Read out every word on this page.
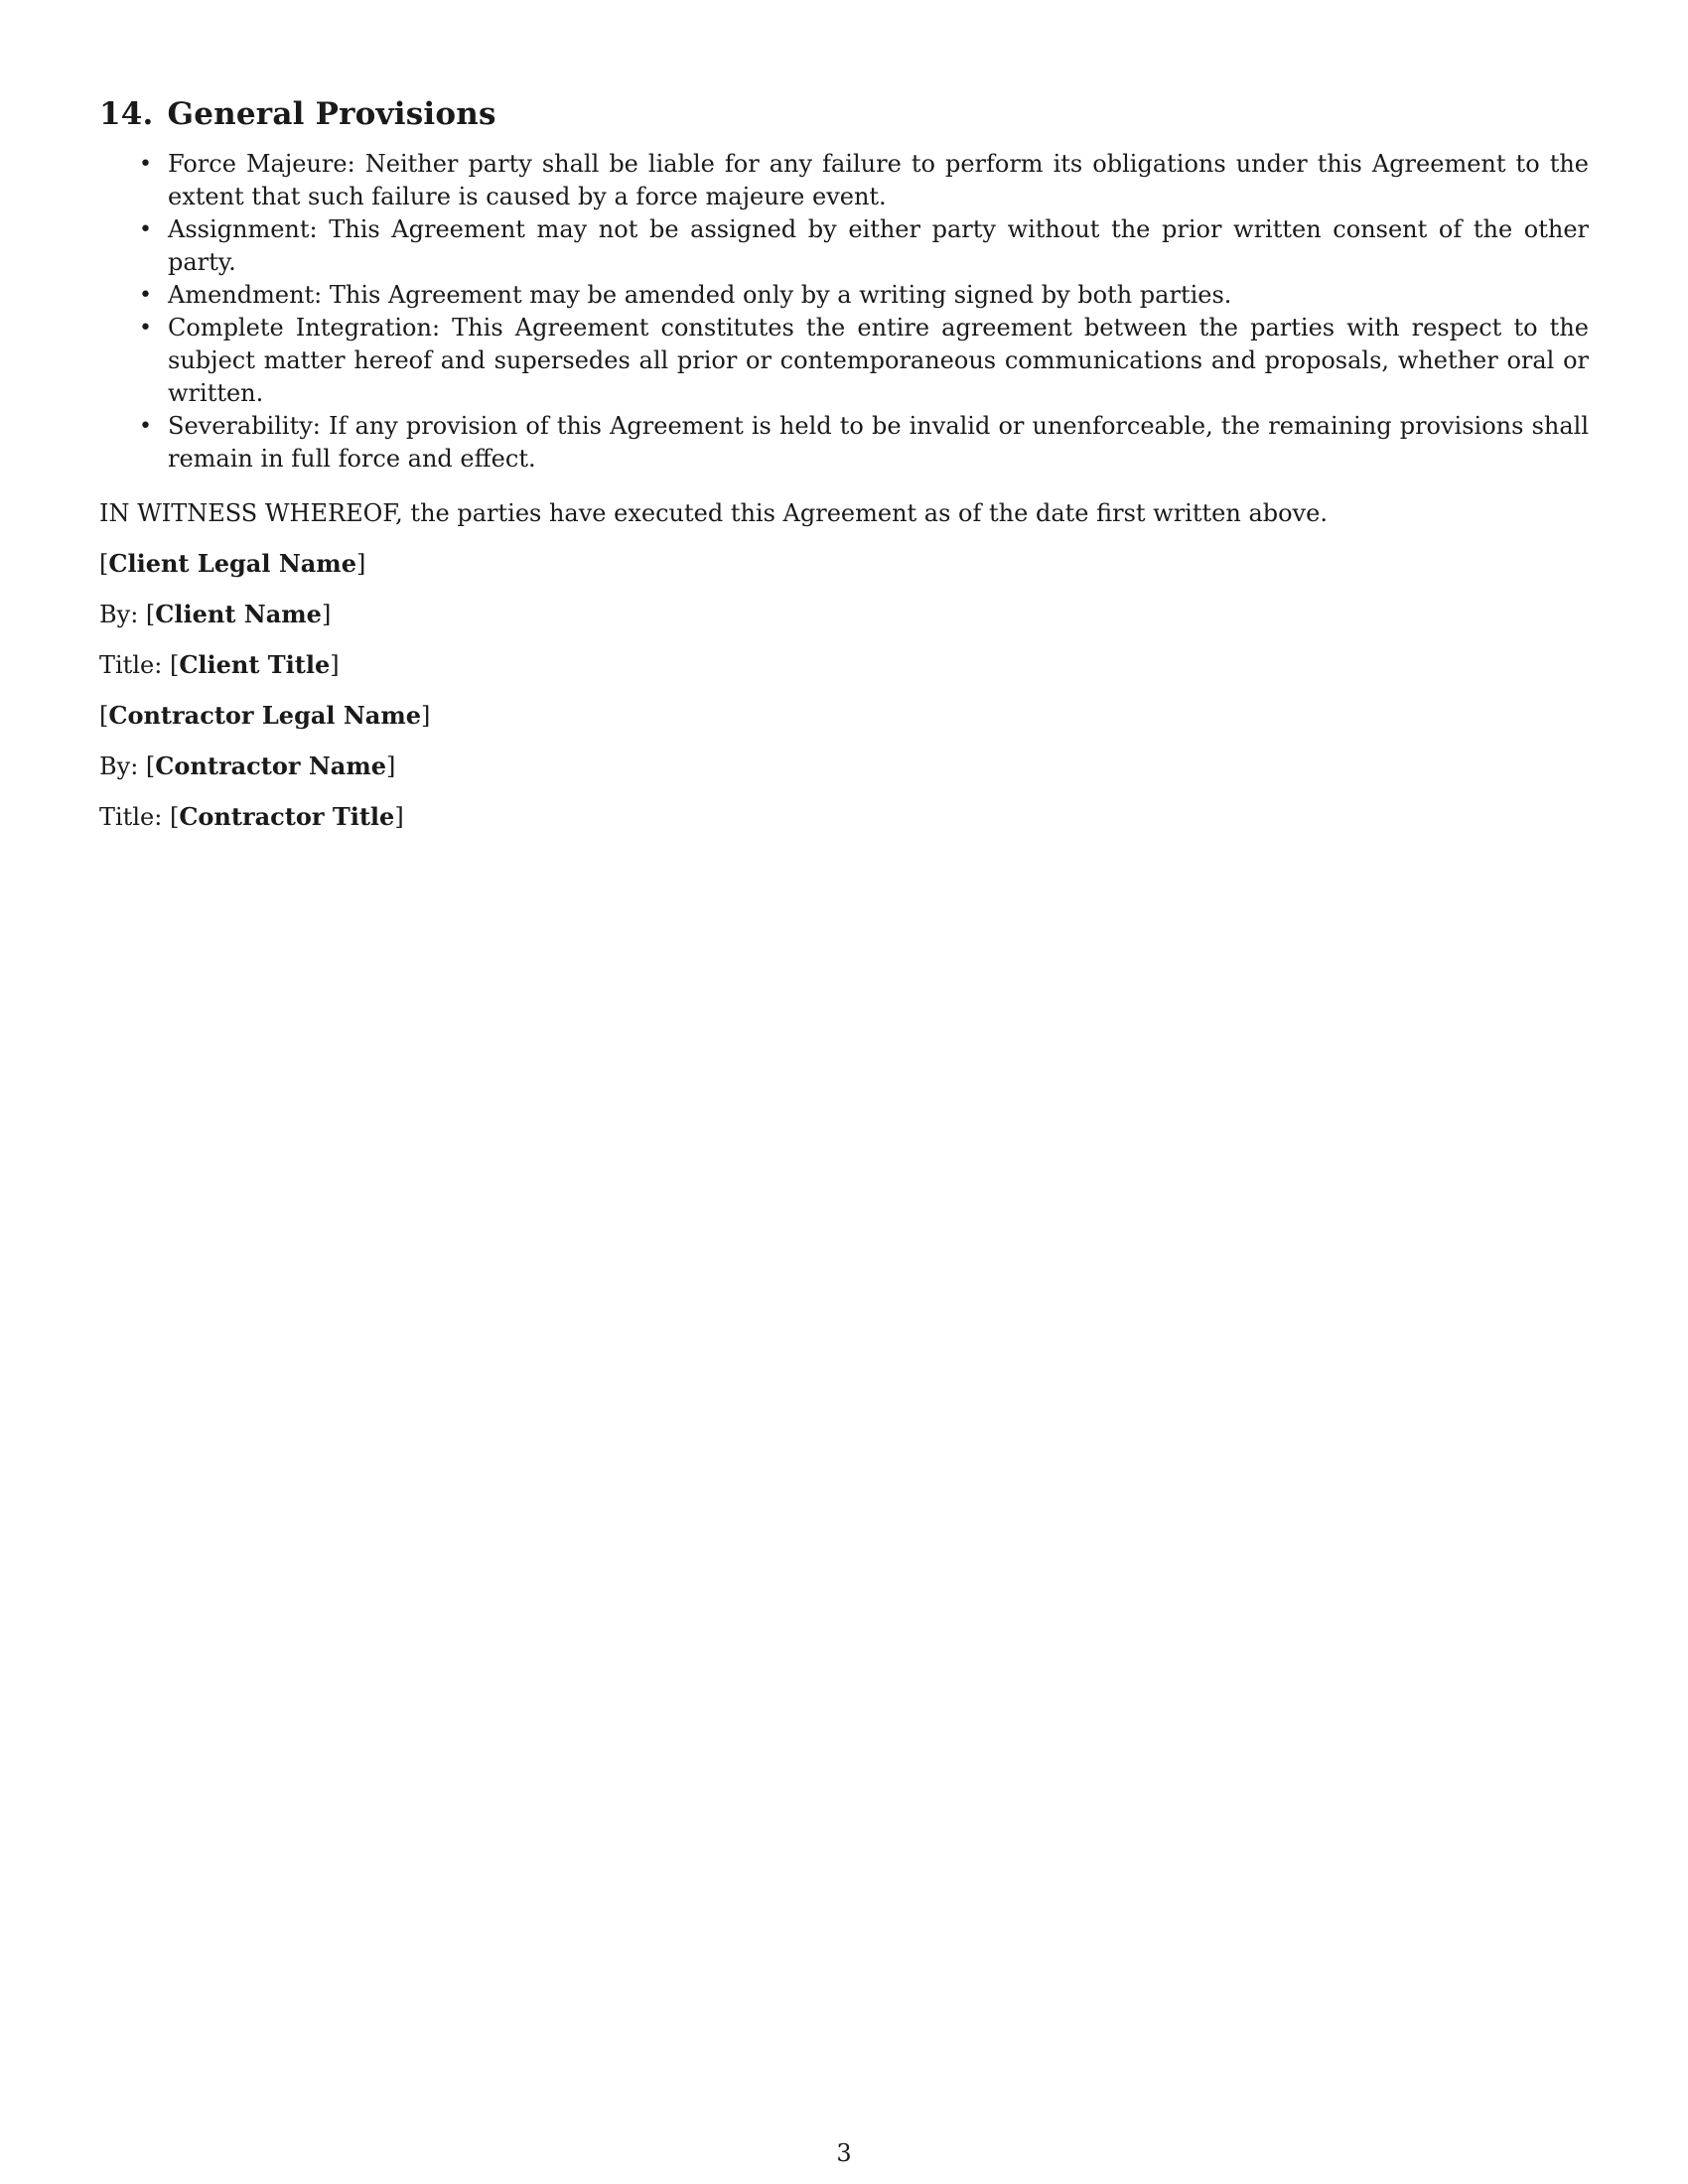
14. General Provisions
• Force Majeure: Neither party shall be liable for any failure to perform its obligations under this Agreement to the extent that such failure is caused by a force majeure event.
• Assignment: This Agreement may not be assigned by either party without the prior written consent of the other party.
• Amendment: This Agreement may be amended only by a writing signed by both parties.
• Complete Integration: This Agreement constitutes the entire agreement between the parties with respect to the subject matter hereof and supersedes all prior or contemporaneous communications and proposals, whether oral or written.
• Severability: If any provision of this Agreement is held to be invalid or unenforceable, the remaining provisions shall remain in full force and effect.

IN WITNESS WHEREOF, the parties have executed this Agreement as of the date first written above.

[Client Legal Name]

By: [Client Name]

Title: [Client Title]

[Contractor Legal Name]

By: [Contractor Name]

Title: [Contractor Title]

3
